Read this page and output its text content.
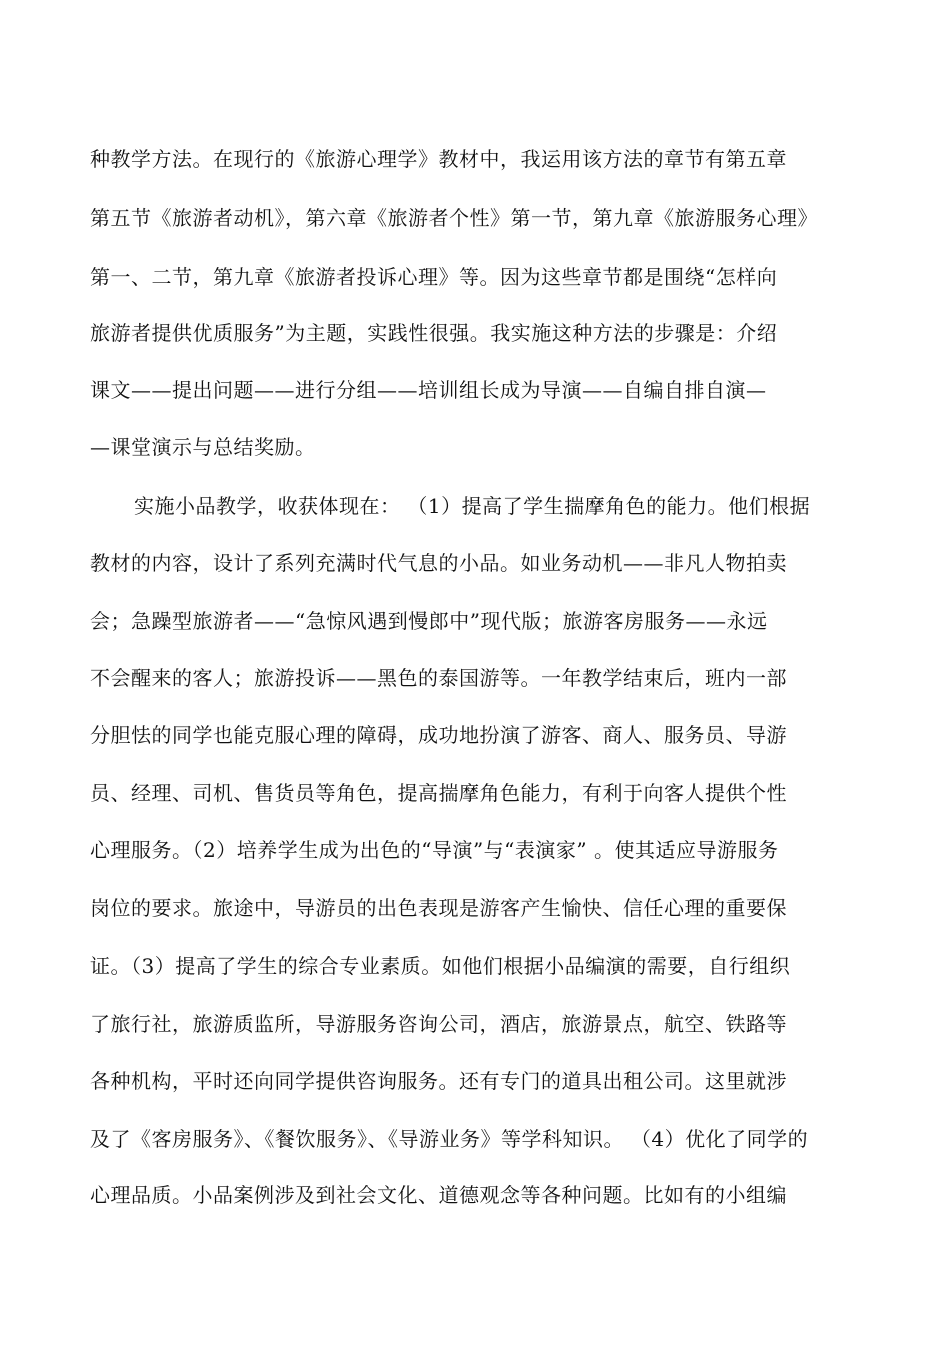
种教学方法。在现行的《旅游心理学》教材中，我运用该方法的章节有第五章
第五节《旅游者动机》，第六章《旅游者个性》第一节，第九章《旅游服务心理》
第一、二节，第九章《旅游者投诉心理》等。因为这些章节都是围绕“怎样向
旅游者提供优质服务”为主题，实践性很强。我实施这种方法的步骤是：介绍
课文——提出问题——进行分组——培训组长成为导演——自编自排自演—
—课堂演示与总结奖励。
实施小品教学，收获体现在： （1）提高了学生揣摩角色的能力。他们根据
教材的内容，设计了系列充满时代气息的小品。如业务动机——非凡人物拍卖
会；急躁型旅游者——“急惊风遇到慢郎中”现代版；旅游客房服务——永远
不会醒来的客人；旅游投诉——黑色的泰国游等。一年教学结束后，班内一部
分胆怯的同学也能克服心理的障碍，成功地扮演了游客、商人、服务员、导游
员、经理、司机、售货员等角色，提高揣摩角色能力，有利于向客人提供个性
心理服务。（2）培养学生成为出色的“导演”与“表演家” 。使其适应导游服务
岗位的要求。旅途中，导游员的出色表现是游客产生愉快、信任心理的重要保
证。（3）提高了学生的综合专业素质。如他们根据小品编演的需要，自行组织
了旅行社，旅游质监所，导游服务咨询公司，酒店，旅游景点，航空、铁路等
各种机构，平时还向同学提供咨询服务。还有专门的道具出租公司。这里就涉
及了《客房服务》、《餐饮服务》、《导游业务》等学科知识。 （4）优化了同学的
心理品质。小品案例涉及到社会文化、道德观念等各种问题。比如有的小组编
